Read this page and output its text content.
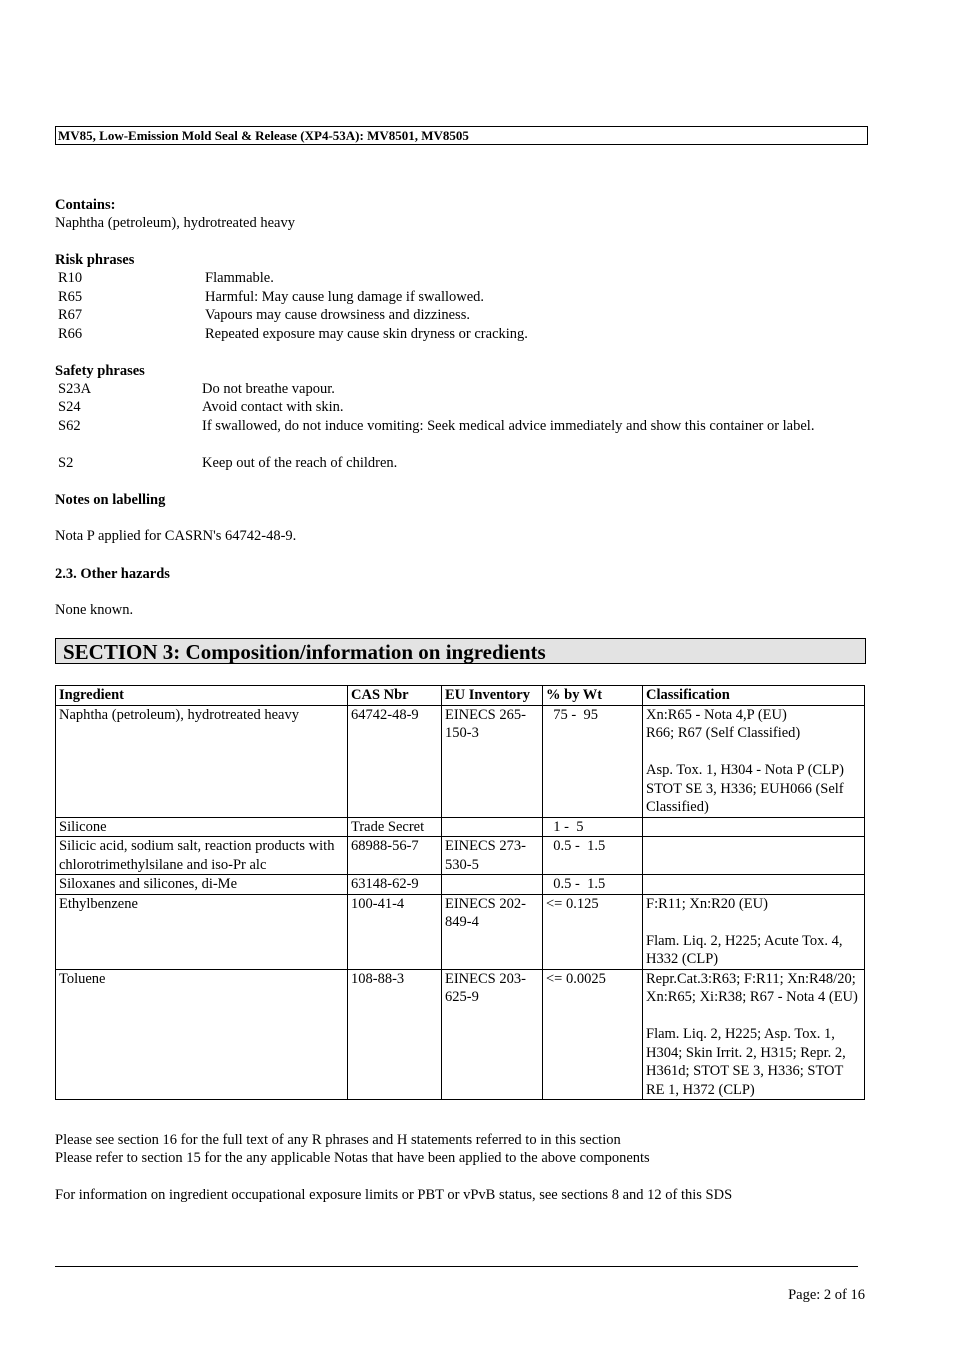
MV85, Low-Emission Mold Seal & Release (XP4-53A): MV8501, MV8505
Contains:
Naphtha (petroleum), hydrotreated heavy
Risk phrases
R10	Flammable.
R65	Harmful: May cause lung damage if swallowed.
R67	Vapours may cause drowsiness and dizziness.
R66	Repeated exposure may cause skin dryness or cracking.
Safety phrases
S23A	Do not breathe vapour.
S24	Avoid contact with skin.
S62	If swallowed, do not induce vomiting: Seek medical advice immediately and show this container or label.
S2	Keep out of the reach of children.
Notes on labelling
Nota P applied for CASRN's 64742-48-9.
2.3. Other hazards
None known.
SECTION 3: Composition/information on ingredients
Ingredient	CAS Nbr	EU Inventory	% by Wt	Classification
Naphtha (petroleum), hydrotreated heavy	64742-48-9	EINECS 265-150-3	75 -  95	Xn:R65 - Nota 4,P (EU)
R66; R67 (Self Classified)
Asp. Tox. 1, H304 - Nota P (CLP)
STOT SE 3, H336; EUH066 (Self Classified)

Silicone	Trade Secret		1 -  5	
Silicic acid, sodium salt, reaction products with chlorotrimethylsilane and iso-Pr alc	68988-56-7	EINECS 273-530-5	0.5 -  1.5	
Siloxanes and silicones, di-Me	63148-62-9		0.5 -  1.5	
Ethylbenzene	100-41-4	EINECS 202-849-4	<= 0.125	F:R11; Xn:R20 (EU)
Flam. Liq. 2, H225; Acute Tox. 4, H332 (CLP)

Toluene	108-88-3	EINECS 203-625-9	<= 0.0025	Repr.Cat.3:R63; F:R11; Xn:R48/20; Xn:R65; Xi:R38; R67 - Nota 4 (EU)
Flam. Liq. 2, H225; Asp. Tox. 1, H304; Skin Irrit. 2, H315; Repr. 2, H361d; STOT SE 3, H336; STOT RE 1, H372 (CLP)
Please see section 16 for the full text of any R phrases and H statements referred to in this section
Please refer to section 15 for the any applicable Notas that have been applied to the above components
For information on ingredient occupational exposure limits or PBT or vPvB status, see sections 8 and 12 of this SDS
Page: 2 of 16
